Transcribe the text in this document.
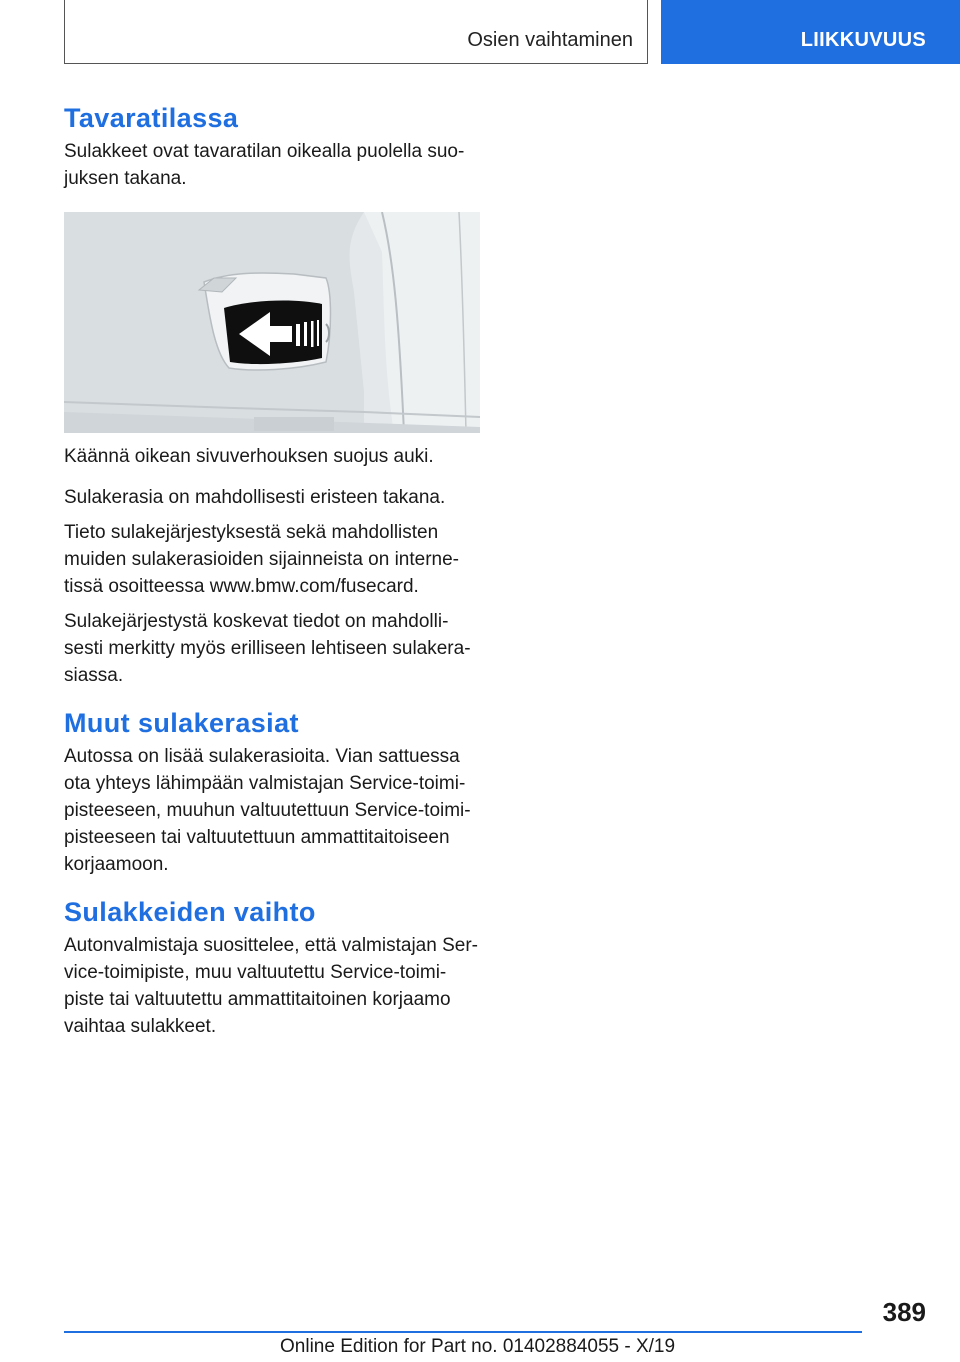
Osien vaihtaminen	LIIKKUVUUS
Tavaratilassa

Sulakkeet ovat tavaratilan oikealla puolella suo-
juksen takana.

Käännä oikean sivuverhouksen suojus auki.

Sulakerasia on mahdollisesti eristeen takana.

Tieto sulakejärjestyksestä sekä mahdollisten
muiden sulakerasioiden sijainneista on interne-
tissä osoitteessa www.bmw.com/fusecard.

Sulakejärjestystä koskevat tiedot on mahdolli-
sesti merkitty myös erilliseen lehtiseen sulakera-
siassa.

Muut sulakerasiat

Autossa on lisää sulakerasioita. Vian sattuessa
ota yhteys lähimpään valmistajan Service-toimi-
pisteeseen, muuhun valtuutettuun Service-toimi-
pisteeseen tai valtuutettuun ammattitaitoiseen
korjaamoon.

Sulakkeiden vaihto

Autonvalmistaja suosittelee, että valmistajan Ser-
vice-toimipiste, muu valtuutettu Service-toimi-
piste tai valtuutettu ammattitaitoinen korjaamo
vaihtaa sulakkeet.

389
Online Edition for Part no. 01402884055 - X/19
